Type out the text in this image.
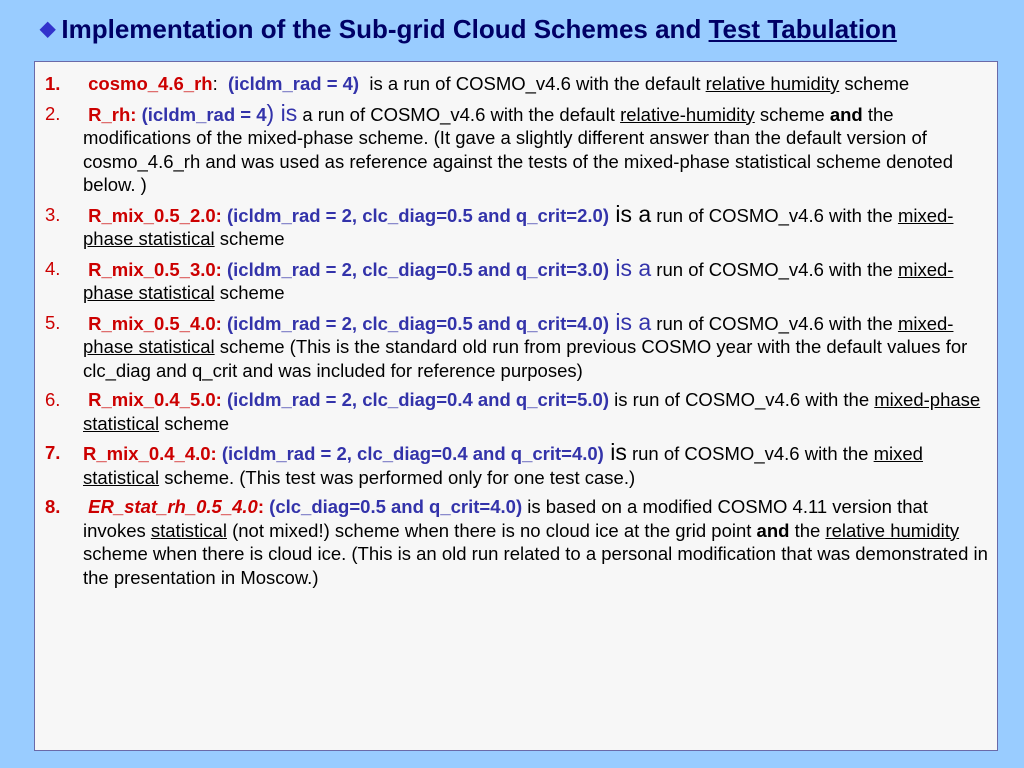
◆ Implementation of the Sub-grid Cloud Schemes and Test Tabulation
1. cosmo_4.6_rh: (icldm_rad = 4) is a run of COSMO_v4.6 with the default relative humidity scheme
2. R_rh: (icldm_rad = 4) is a run of COSMO_v4.6 with the default relative-humidity scheme and the modifications of the mixed-phase scheme. (It gave a slightly different answer than the default version of cosmo_4.6_rh and was used as reference against the tests of the mixed-phase statistical scheme denoted below. )
3. R_mix_0.5_2.0: (icldm_rad = 2, clc_diag=0.5 and q_crit=2.0) is a run of COSMO_v4.6 with the mixed-phase statistical scheme
4. R_mix_0.5_3.0: (icldm_rad = 2, clc_diag=0.5 and q_crit=3.0) is a run of COSMO_v4.6 with the mixed-phase statistical scheme
5. R_mix_0.5_4.0: (icldm_rad = 2, clc_diag=0.5 and q_crit=4.0) is a run of COSMO_v4.6 with the mixed-phase statistical scheme (This is the standard old run from previous COSMO year with the default values for clc_diag and q_crit and was included for reference purposes)
6. R_mix_0.4_5.0: (icldm_rad = 2, clc_diag=0.4 and q_crit=5.0) is run of COSMO_v4.6 with the mixed-phase statistical scheme
7. R_mix_0.4_4.0: (icldm_rad = 2, clc_diag=0.4 and q_crit=4.0) is run of COSMO_v4.6 with the mixed statistical scheme. (This test was performed only for one test case.)
8. ER_stat_rh_0.5_4.0: (clc_diag=0.5 and q_crit=4.0) is based on a modified COSMO 4.11 version that invokes statistical (not mixed!) scheme when there is no cloud ice at the grid point and the relative humidity scheme when there is cloud ice. (This is an old run related to a personal modification that was demonstrated in the presentation in Moscow.)
